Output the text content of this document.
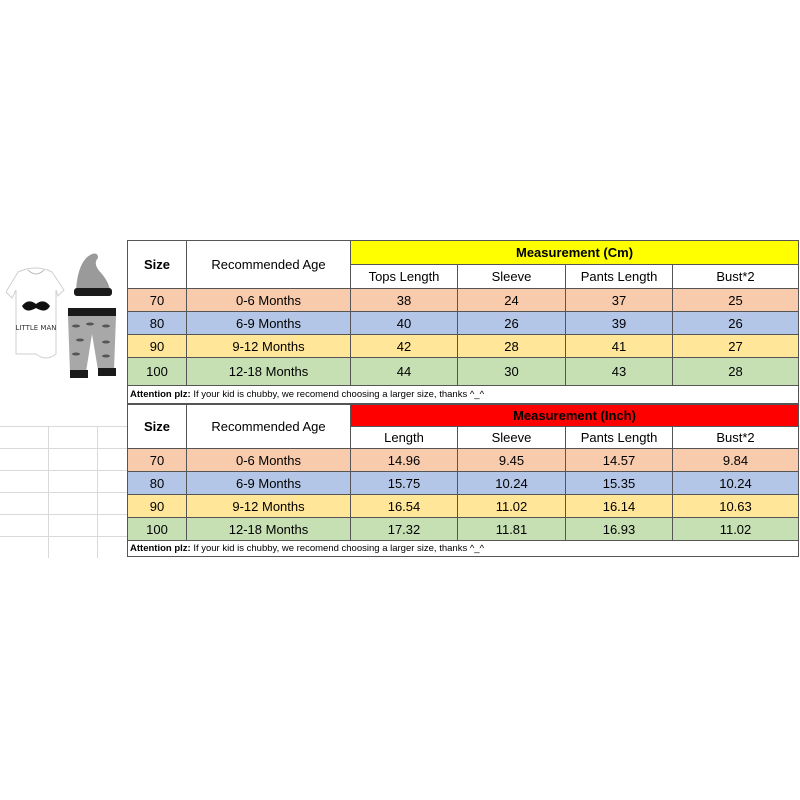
LITTLE MAN
Size	Recommended Age	Measurement (Cm)			
		Tops Length	Sleeve	Pants Length	Bust*2
70	0-6 Months	38	24	37	25
80	6-9 Months	40	26	39	26
90	9-12 Months	42	28	41	27
100	12-18 Months	44	30	43	28
Attention plz: If your kid is chubby, we recomend choosing a larger size, thanks ^_^					
Size	Recommended Age	Measurement (Inch)			
		Length	Sleeve	Pants Length	Bust*2
70	0-6 Months	14.96	9.45	14.57	9.84
80	6-9 Months	15.75	10.24	15.35	10.24
90	9-12 Months	16.54	11.02	16.14	10.63
100	12-18 Months	17.32	11.81	16.93	11.02
Attention plz: If your kid is chubby, we recomend choosing a larger size, thanks ^_^					
